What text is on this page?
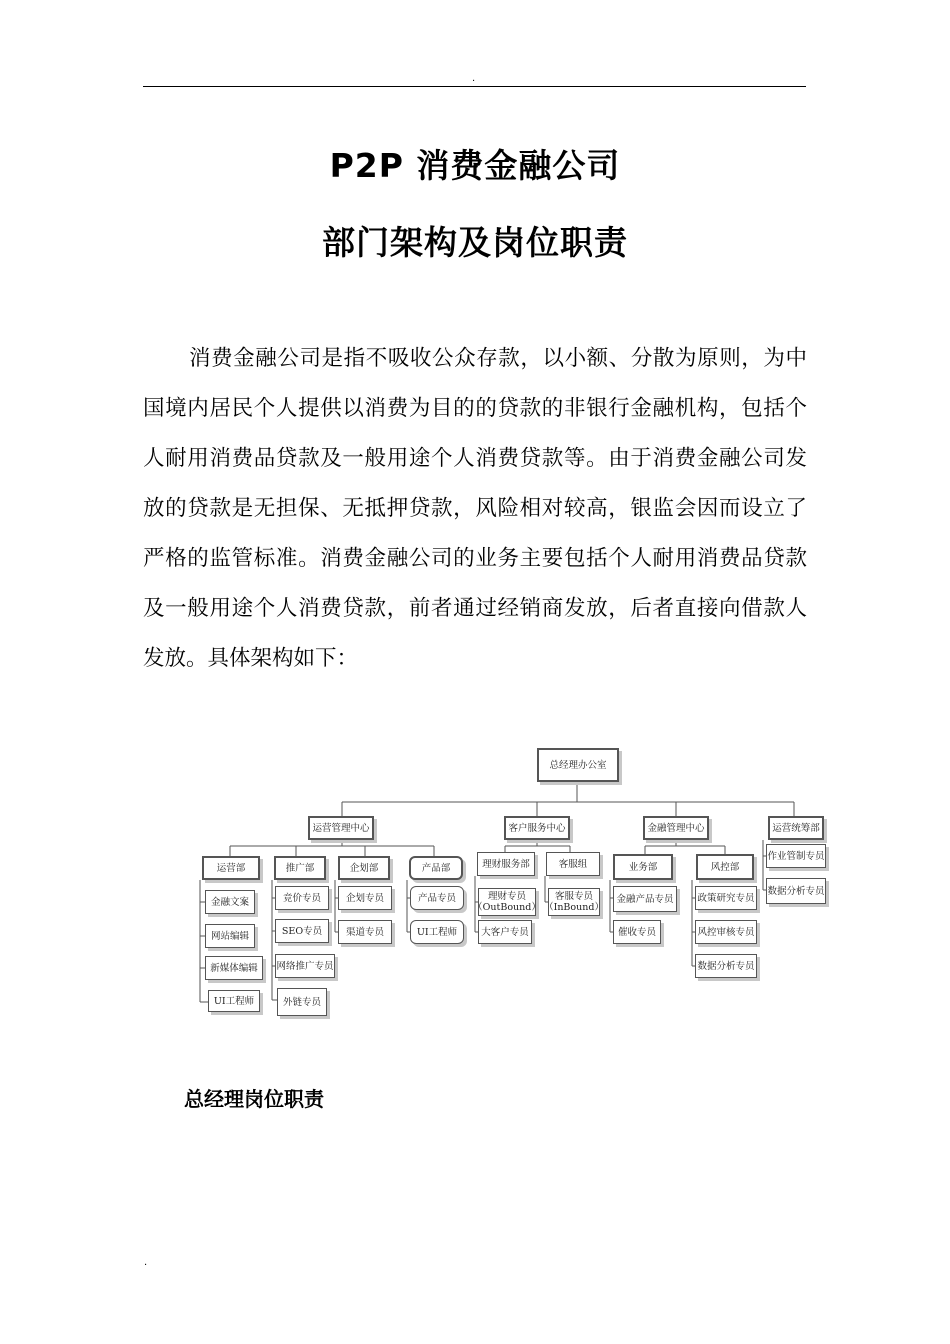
.
P2P 消费金融公司
部门架构及岗位职责

消费金融公司是指不吸收公众存款，以小额、分散为原则，为中国境内居民个人提供以消费为目的的贷款的非银行金融机构，包括个人耐用消费品贷款及一般用途个人消费贷款等。由于消费金融公司发放的贷款是无担保、无抵押贷款，风险相对较高，银监会因而设立了严格的监管标准。消费金融公司的业务主要包括个人耐用消费品贷款及一般用途个人消费贷款，前者通过经销商发放，后者直接向借款人发放。具体架构如下：

总经理办公室
运营管理中心	客户服务中心	金融管理中心	运营统筹部
运营部	推广部	企划部	产品部	理财服务部	客服组	业务部	风控部
金融文案
网站编辑
新媒体编辑
UI工程师
竞价专员
SEO专员
网络推广专员
外链专员
企划专员
渠道专员
产品专员
UI工程师
理财专员
（OutBound）
大客户专员
客服专员
（InBound）
金融产品专员
催收专员
政策研究专员
风控审核专员
数据分析专员
作业管制专员
数据分析专员
总经理岗位职责
.
